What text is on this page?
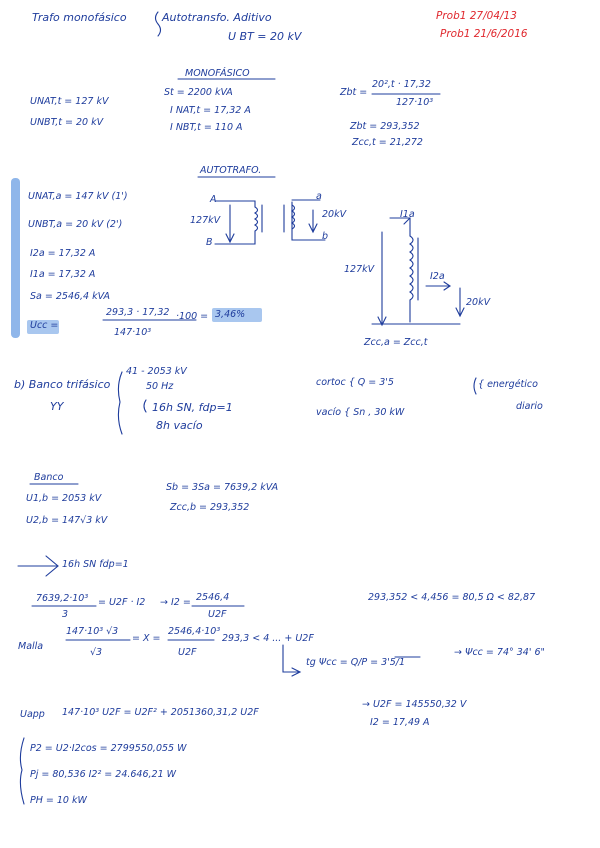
Trafo monofásico	Autotransfo. Aditivo
U BT = 20 kV
Prob1 27/04/13
Prob1 21/6/2016
MONOFÁSICO
UNAT,t = 127 kV
UNBT,t = 20 kV
St = 2200 kVA
I NAT,t = 17,32 A
I NBT,t = 110 A
Zbt =
20²,t · 17,32
127·10³
Zbt = 293,352
Zcc,t = 21,272
AUTOTRAFO.
UNAT,a = 147 kV (1')
UNBT,a = 20 kV (2')
I2a = 17,32 A
I1a = 17,32 A
Sa = 2546,4 kVA
Ucc =
293,3 · 17,32
147·10³
·100 = 3,46%
A	a
127kV
B
b
20kV	I1a
I2a
127kV
20kV
Zcc,a = Zcc,t
b) Banco trifásico
YY
41 - 2053 kV
50 Hz
16h SN, fdp=1
8h vacío
cortoc { Q = 3'5
vacío { Sn , 30 kW
{ energético
diario
Banco
U1,b = 2053 kV
U2,b = 147√3 kV
Sb = 3Sa = 7639,2 kVA
Zcc,b = 293,352
16h SN fdp=1
7639,2·10³
3
= U2F · I2 → I2 = 2546,4
U2F
293,352 < 4,456 = 80,5 Ω < 82,87
Malla
147·10³ √3
√3
= X =
2546,4·10³
U2F
293,3 < 4 ... + U2F
tg Ψcc = Q/P = 3'5/1
→ Ψcc = 74° 34' 6"
Uapp 147·10³ U2F = U2F² + 2051360,31,2 U2F
→ U2F = 145550,32 V
I2 = 17,49 A
P2 = U2·I2cos = 2799550,055 W
Pj = 80,536 I2² = 24.646,21 W
PH = 10 kW
